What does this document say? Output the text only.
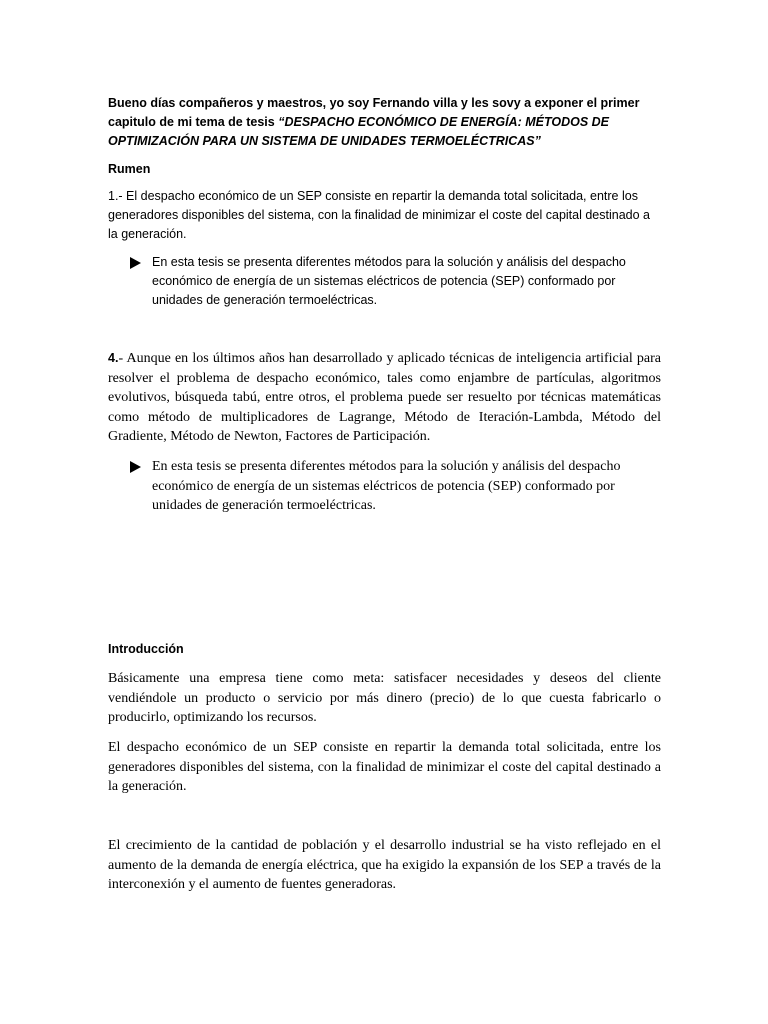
Bueno días compañeros y maestros, yo soy Fernando villa y les sovy a exponer el primer capitulo de mi tema de tesis “DESPACHO ECONÓMICO DE ENERGÍA: MÉTODOS DE OPTIMIZACIÓN PARA UN SISTEMA DE UNIDADES TERMOELÉCTRICAS”

Rumen

1.- El despacho económico de un SEP consiste en repartir la demanda total solicitada, entre los generadores disponibles del sistema, con la finalidad de minimizar el coste del capital destinado a la generación.

En esta tesis se presenta diferentes métodos para la solución y análisis del despacho económico de energía de un sistemas eléctricos de potencia (SEP) conformado por unidades de generación termoeléctricas.

4.- Aunque en los últimos años han desarrollado y aplicado técnicas de inteligencia artificial para resolver el problema de despacho económico, tales como enjambre de partículas, algoritmos evolutivos, búsqueda tabú, entre otros, el problema puede ser resuelto por técnicas matemáticas como método de multiplicadores de Lagrange, Método de Iteración-Lambda, Método del Gradiente, Método de Newton, Factores de Participación.

En esta tesis se presenta diferentes métodos para la solución y análisis del despacho económico de energía de un sistemas eléctricos de potencia (SEP) conformado por unidades de generación termoeléctricas.

Introducción

Básicamente una empresa tiene como meta: satisfacer necesidades y deseos del cliente vendiéndole un producto o servicio por más dinero (precio) de lo que cuesta fabricarlo o producirlo, optimizando los recursos.

El despacho económico de un SEP consiste en repartir la demanda total solicitada, entre los generadores disponibles del sistema, con la finalidad de minimizar el coste del capital destinado a la generación.

El crecimiento de la cantidad de población y el desarrollo industrial se ha visto reflejado en el aumento de la demanda de energía eléctrica, que ha exigido la expansión de los SEP a través de la interconexión y el aumento de fuentes generadoras.
